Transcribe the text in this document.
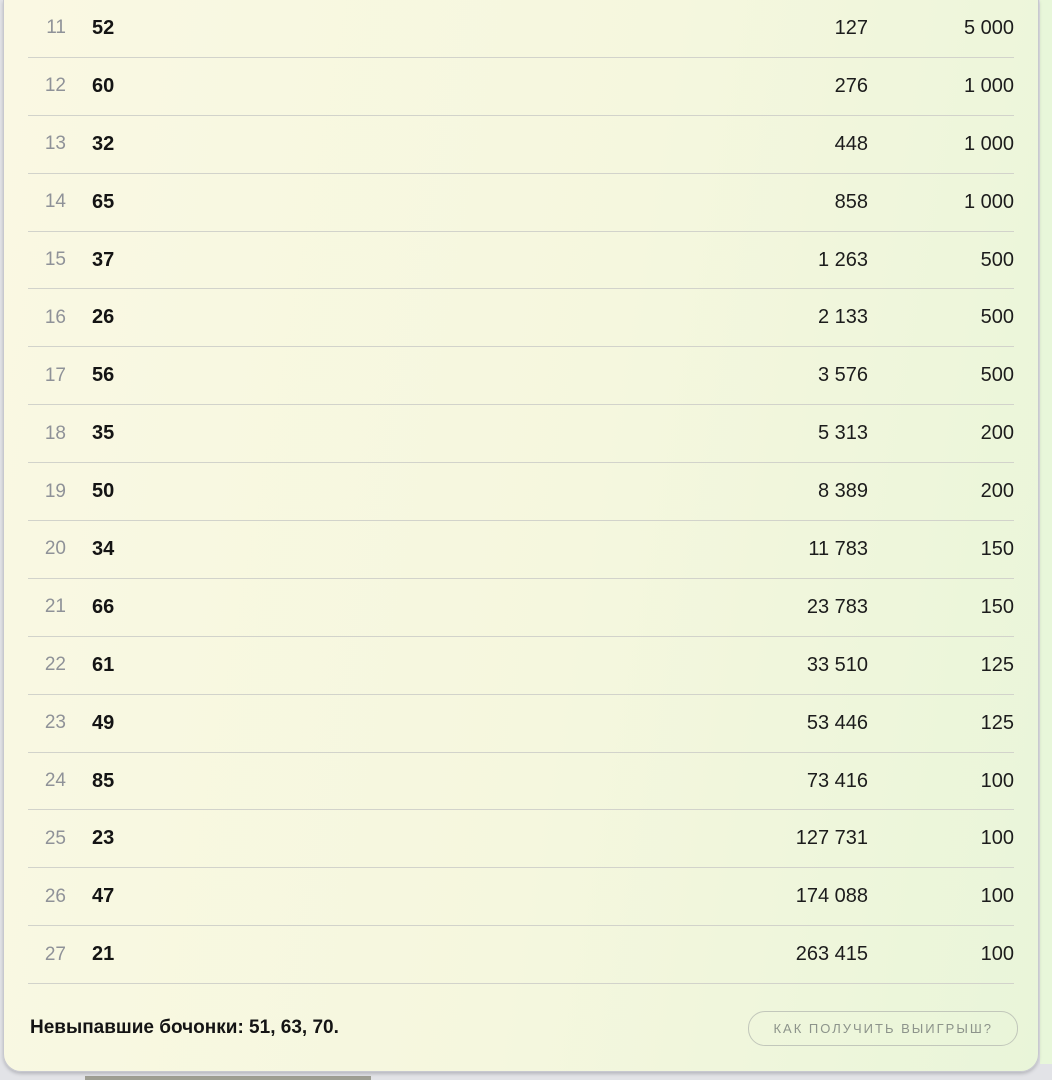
11 52	127	5 000
12 60	276	1 000
13 32	448	1 000
14 65	858	1 000
15 37	1 263	500
16 26	2 133	500
17 56	3 576	500
18 35	5 313	200
19 50	8 389	200
20 34	11 783	150
21 66	23 783	150
22 61	33 510	125
23 49	53 446	125
24 85	73 416	100
25 23	127 731	100
26 47	174 088	100
27 21	263 415	100
Невыпавшие бочонки: 51, 63, 70.	КАК ПОЛУЧИТЬ ВЫИГРЫШ?
